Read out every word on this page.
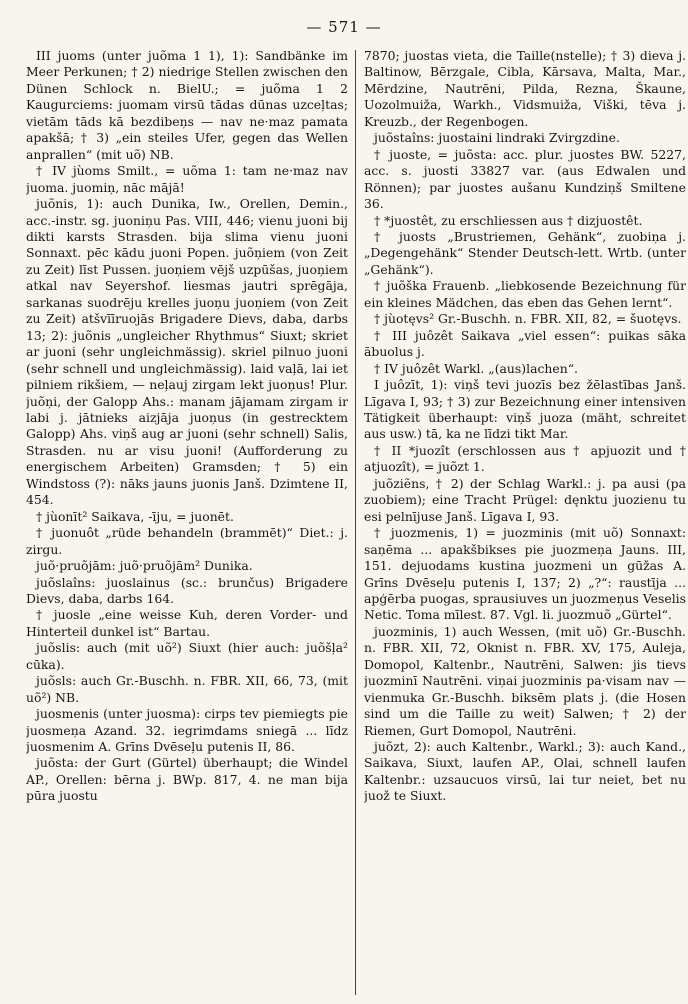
— 571 —
III juoms (unter juõma 1 1), 1): Sandbänke im Meer Perkunen; † 2) niedrige Stellen zwischen den Dünen Schlock n. BielU.; = juõma 1 2 Kaugurciems: juomam virsū tādas dūnas uzceļtas; vietām tāds kā bezdibeņs — nav ne·maz pamata apakšā; † 3) „ein steiles Ufer, gegen das Wellen anprallen“ (mit uõ) NB.
† IV jùoms Smilt., = uõma 1: tam ne·maz nav juoma. juomiņ, nāc mājā!
juõnis, 1): auch Dunika, Iw., Orellen, Demin., acc.-instr. sg. juoniņu Pas. VIII, 446; vienu juoni bij dikti karsts Strasden. bija slima vienu juoni Sonnaxt. pēc kādu juoni Popen. juõņiem (von Zeit zu Zeit) līst Pussen. juoņiem vējš uzpūšas, juoņiem atkal nav Seyershof. liesmas jautri sprēgāja, sarkanas suodrēju krelles juoņu juoņiem (von Zeit zu Zeit) atšvīīruojās Brigadere Dievs, daba, darbs 13; 2): juõnis „ungleicher Rhythmus“ Siuxt; skriet ar juoni (sehr ungleichmässig). skriel pilnuo juoni (sehr schnell und ungleichmässig). laid vaļā, lai iet pilniem rikšiem, — neļauj zirgam lekt juoņus! Plur. juõņi, der Galopp Ahs.: manam jājamam zirgam ir labi j. jātnieks aizjāja juoņus (in gestrecktem Galopp) Ahs. viņš aug ar juoni (sehr schnell) Salis, Strasden. nu ar visu juoni! (Aufforderung zu energischem Arbeiten) Gramsden; † 5) ein Windstoss (?): nāks jauns juonis Janš. Dzimtene II, 454.
† jùonīt² Saikava, -īju, = juonēt.
† juonuôt „rüde behandeln (brammēt)“ Diet.: j. zirgu.
juõ·pruõjām: juõ·pruõjām² Dunika.
juõslaîns: juoslainus (sc.: brunčus) Brigadere Dievs, daba, darbs 164.
† juosle „eine weisse Kuh, deren Vorder- und Hinterteil dunkel ist“ Bartau.
juõslis: auch (mit uõ²) Siuxt (hier auch: juõšļa² cūka).
juõsls: auch Gr.-Buschh. n. FBR. XII, 66, 73, (mit uõ²) NB.
juosmenis (unter juosma): cirps tev piemiegts pie juosmeņa Azand. 32. iegrimdams sniegā ... līdz juosmenim A. Grīns Dvēseļu putenis II, 86.
juõsta: der Gurt (Gürtel) überhaupt; die Windel AP., Orellen: bērna j. BWp. 817, 4. ne man bija pūra juostu
7870; juostas vieta, die Taille(nstelle); † 3) dieva j. Baltinow, Bērzgale, Cibla, Kārsava, Malta, Mar., Mērdzine, Nautrēni, Pilda, Rezna, Škaune, Uozolmuiža, Warkh., Vidsmuiža, Viški, tēva j. Kreuzb., der Regenbogen.
juõstaîns: juostaini lindraki Zvirgzdine.
† juoste, = juõsta: acc. plur. juostes BW. 5227, acc. s. juosti 33827 var. (aus Edwalen und Rönnen); par juostes aušanu Kundziņš Smiltene 36.
† *juostêt, zu erschliessen aus † dizjuostêt.
† juosts „Brustriemen, Gehänk“, zuobiņa j. „Degengehänk“ Stender Deutsch-lett. Wrtb. (unter „Gehänk“).
† juõška Frauenb. „liebkosende Bezeichnung für ein kleines Mädchen, das eben das Gehen lernt“.
† jùotęvs² Gr.-Buschh. n. FBR. XII, 82, = šuotęvs.
† III juôzêt Saikava „viel essen“: puikas sāka ābuolus j.
† IV juôzêt Warkl. „(aus)lachen“.
I juôzīt, 1): viņš tevi juozīs bez žēlastības Janš. Līgava I, 93; † 3) zur Bezeichnung einer intensiven Tätigkeit überhaupt: viņš juoza (mäht, schreitet aus usw.) tā, ka ne līdzi tikt Mar.
† II *juozît (erschlossen aus † apjuozit und † atjuozît), = juõzt 1.
juõziẽns, † 2) der Schlag Warkl.: j. pa ausi (pa zuobiem); eine Tracht Prügel: dęnktu juozienu tu esi pelnījuse Janš. Līgava I, 93.
† juozmenis, 1) = juozminis (mit uõ) Sonnaxt: saņēma ... apakšbikses pie juozmeņa Jauns. III, 151. dejuodams kustina juozmeni un gūžas A. Grīns Dvēseļu putenis I, 137; 2) „?“: raustīja ... apģērba puogas, sprausiuves un juozmeņus Veselis Netic. Toma mīlest. 87. Vgl. li. juozmuõ „Gürtel“.
juozminis, 1) auch Wessen, (mit uõ) Gr.-Buschh. n. FBR. XII, 72, Oknist n. FBR. XV, 175, Auleja, Domopol, Kaltenbr., Nautrēni, Salwen: jis tievs juozminī Nautrēni. viņai juozminis pa·visam nav — vienmuka Gr.-Buschh. biksēm plats j. (die Hosen sind um die Taille zu weit) Salwen; † 2) der Riemen, Gurt Domopol, Nautrēni.
juõzt, 2): auch Kaltenbr., Warkl.; 3): auch Kand., Saikava, Siuxt, laufen AP., Olai, schnell laufen Kaltenbr.: uzsaucuos virsū, lai tur neiet, bet nu juož te Siuxt.
